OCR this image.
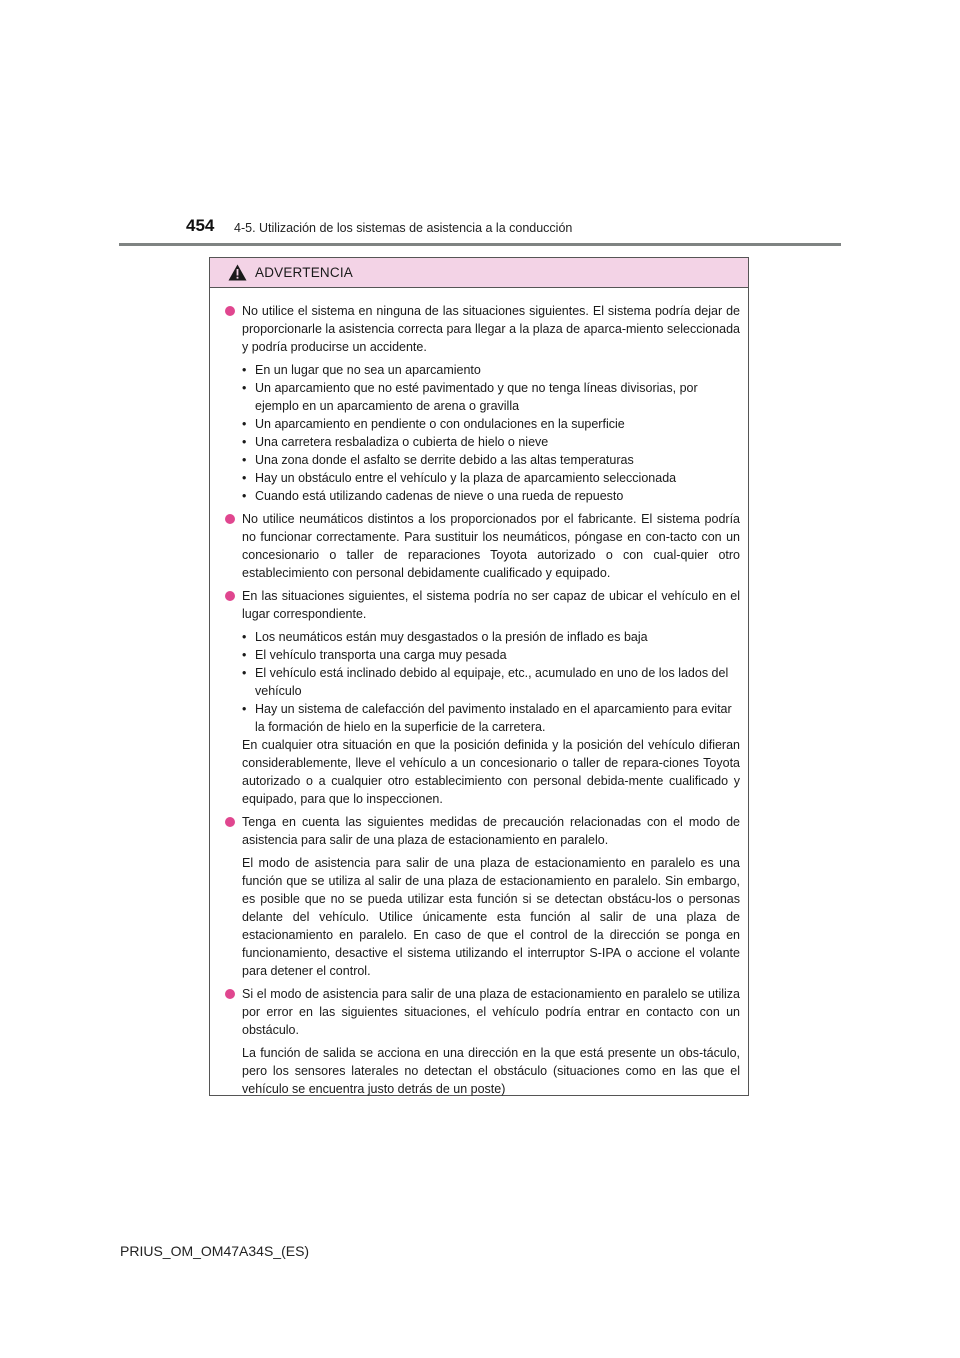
454 4-5. Utilización de los sistemas de asistencia a la conducción
ADVERTENCIA
No utilice el sistema en ninguna de las situaciones siguientes. El sistema podría dejar de proporcionarle la asistencia correcta para llegar a la plaza de aparca-miento seleccionada y podría producirse un accidente.
• En un lugar que no sea un aparcamiento
• Un aparcamiento que no esté pavimentado y que no tenga líneas divisorias, por ejemplo en un aparcamiento de arena o gravilla
• Un aparcamiento en pendiente o con ondulaciones en la superficie
• Una carretera resbaladiza o cubierta de hielo o nieve
• Una zona donde el asfalto se derrite debido a las altas temperaturas
• Hay un obstáculo entre el vehículo y la plaza de aparcamiento seleccionada
• Cuando está utilizando cadenas de nieve o una rueda de repuesto
No utilice neumáticos distintos a los proporcionados por el fabricante. El sistema podría no funcionar correctamente. Para sustituir los neumáticos, póngase en con-tacto con un concesionario o taller de reparaciones Toyota autorizado o con cual-quier otro establecimiento con personal debidamente cualificado y equipado.
En las situaciones siguientes, el sistema podría no ser capaz de ubicar el vehículo en el lugar correspondiente.
• Los neumáticos están muy desgastados o la presión de inflado es baja
• El vehículo transporta una carga muy pesada
• El vehículo está inclinado debido al equipaje, etc., acumulado en uno de los lados del vehículo
• Hay un sistema de calefacción del pavimento instalado en el aparcamiento para evitar la formación de hielo en la superficie de la carretera.

En cualquier otra situación en que la posición definida y la posición del vehículo difieran considerablemente, lleve el vehículo a un concesionario o taller de repara-ciones Toyota autorizado o a cualquier otro establecimiento con personal debida-mente cualificado y equipado, para que lo inspeccionen.

Tenga en cuenta las siguientes medidas de precaución relacionadas con el modo de asistencia para salir de una plaza de estacionamiento en paralelo.

El modo de asistencia para salir de una plaza de estacionamiento en paralelo es una función que se utiliza al salir de una plaza de estacionamiento en paralelo. Sin embargo, es posible que no se pueda utilizar esta función si se detectan obstácu-los o personas delante del vehículo. Utilice únicamente esta función al salir de una plaza de estacionamiento en paralelo. En caso de que el control de la dirección se ponga en funcionamiento, desactive el sistema utilizando el interruptor S-IPA o accione el volante para detener el control.

Si el modo de asistencia para salir de una plaza de estacionamiento en paralelo se utiliza por error en las siguientes situaciones, el vehículo podría entrar en contacto con un obstáculo.

La función de salida se acciona en una dirección en la que está presente un obs-táculo, pero los sensores laterales no detectan el obstáculo (situaciones como en las que el vehículo se encuentra justo detrás de un poste)

PRIUS_OM_OM47A34S_(ES)
